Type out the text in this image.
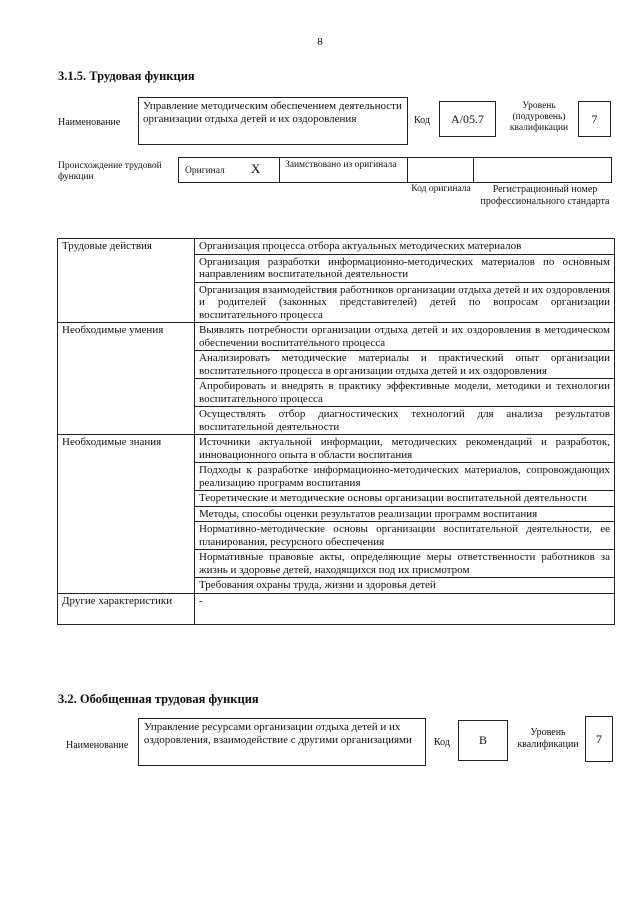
8
3.1.5. Трудовая функция
Наименование
Управление методическим обеспечением деятельности организации отдыха детей и их оздоровления	Код	А/05.7
Уровень (подуровень) квалификации
7
Происхождение трудовой функции
Оригинал X	Заимствовано из оригинала
Код оригинала	Регистрационный номер профессионального стандарта
Трудовые действия	Организация процесса отбора актуальных методических материалов
	Организация разработки информационно-методических материалов по основным направлениям воспитательной деятельности
	Организация взаимодействия работников организации отдыха детей и их оздоровления и родителей (законных представителей) детей по вопросам организации воспитательного процесса
Необходимые умения	Выявлять потребности организации отдыха детей и их оздоровления в методическом обеспечении воспитательного процесса
	Анализировать методические материалы и практический опыт организации воспитательного процесса в организации отдыха детей и их оздоровления
	Апробировать и внедрять в практику эффективные модели, методики и технологии воспитательного процесса
	Осуществлять отбор диагностических технологий для анализа результатов воспитательной деятельности
Необходимые знания	Источники актуальной информации, методических рекомендаций и разработок, инновационного опыта в области воспитания
	Подходы к разработке информационно-методических материалов, сопровождающих реализацию программ воспитания
	Теоретические и методические основы организации воспитательной деятельности
	Методы, способы оценки результатов реализации программ воспитания
	Нормативно-методические основы организации воспитательной деятельности, ее планирования, ресурсного обеспечения
	Нормативные правовые акты, определяющие меры ответственности работников за жизнь и здоровье детей, находящихся под их присмотром
	Требования охраны труда, жизни и здоровья детей
Другие характеристики	-
3.2. Обобщенная трудовая функция
Наименование
Управление ресурсами организации отдыха детей и их оздоровления, взаимодействие с другими организациями	Код	В
Уровень квалификации	7
